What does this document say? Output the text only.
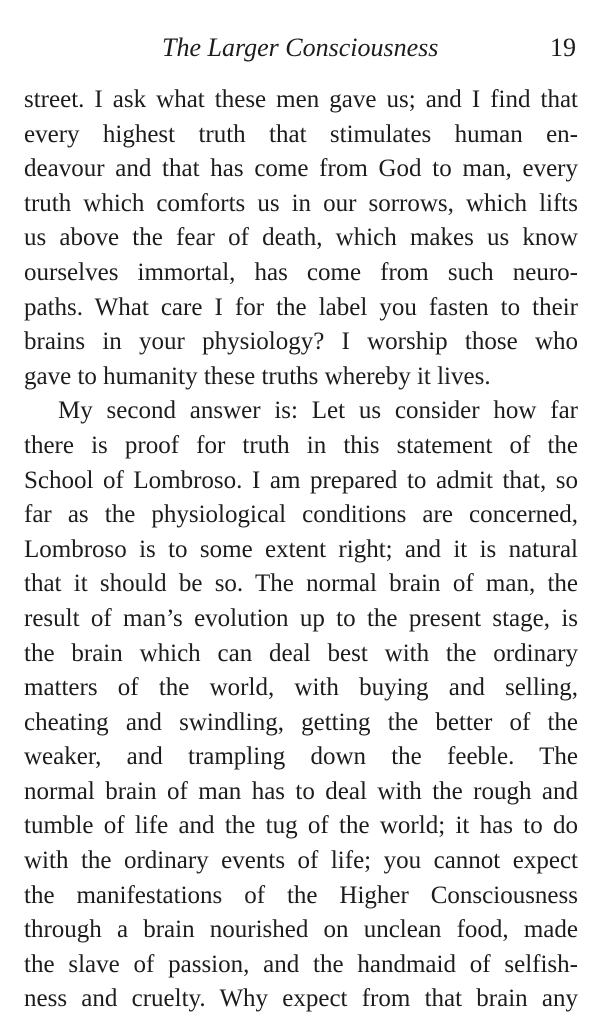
The Larger Consciousness	19
street. I ask what these men gave us; and I find that
every highest truth that stimulates human en-
deavour and that has come from God to man, every
truth which comforts us in our sorrows, which lifts
us above the fear of death, which makes us know
ourselves immortal, has come from such neuro-
paths. What care I for the label you fasten to their
brains in your physiology? I worship those who
gave to humanity these truths whereby it lives.
My second answer is: Let us consider how far
there is proof for truth in this statement of the
School of Lombroso. I am prepared to admit that, so
far as the physiological conditions are concerned,
Lombroso is to some extent right; and it is natural
that it should be so. The normal brain of man, the
result of man’s evolution up to the present stage, is
the brain which can deal best with the ordinary
matters of the world, with buying and selling,
cheating and swindling, getting the better of the
weaker, and trampling down the feeble. The
normal brain of man has to deal with the rough and
tumble of life and the tug of the world; it has to do
with the ordinary events of life; you cannot expect
the manifestations of the Higher Consciousness
through a brain nourished on unclean food, made
the slave of passion, and the handmaid of selfish-
ness and cruelty. Why expect from that brain any
